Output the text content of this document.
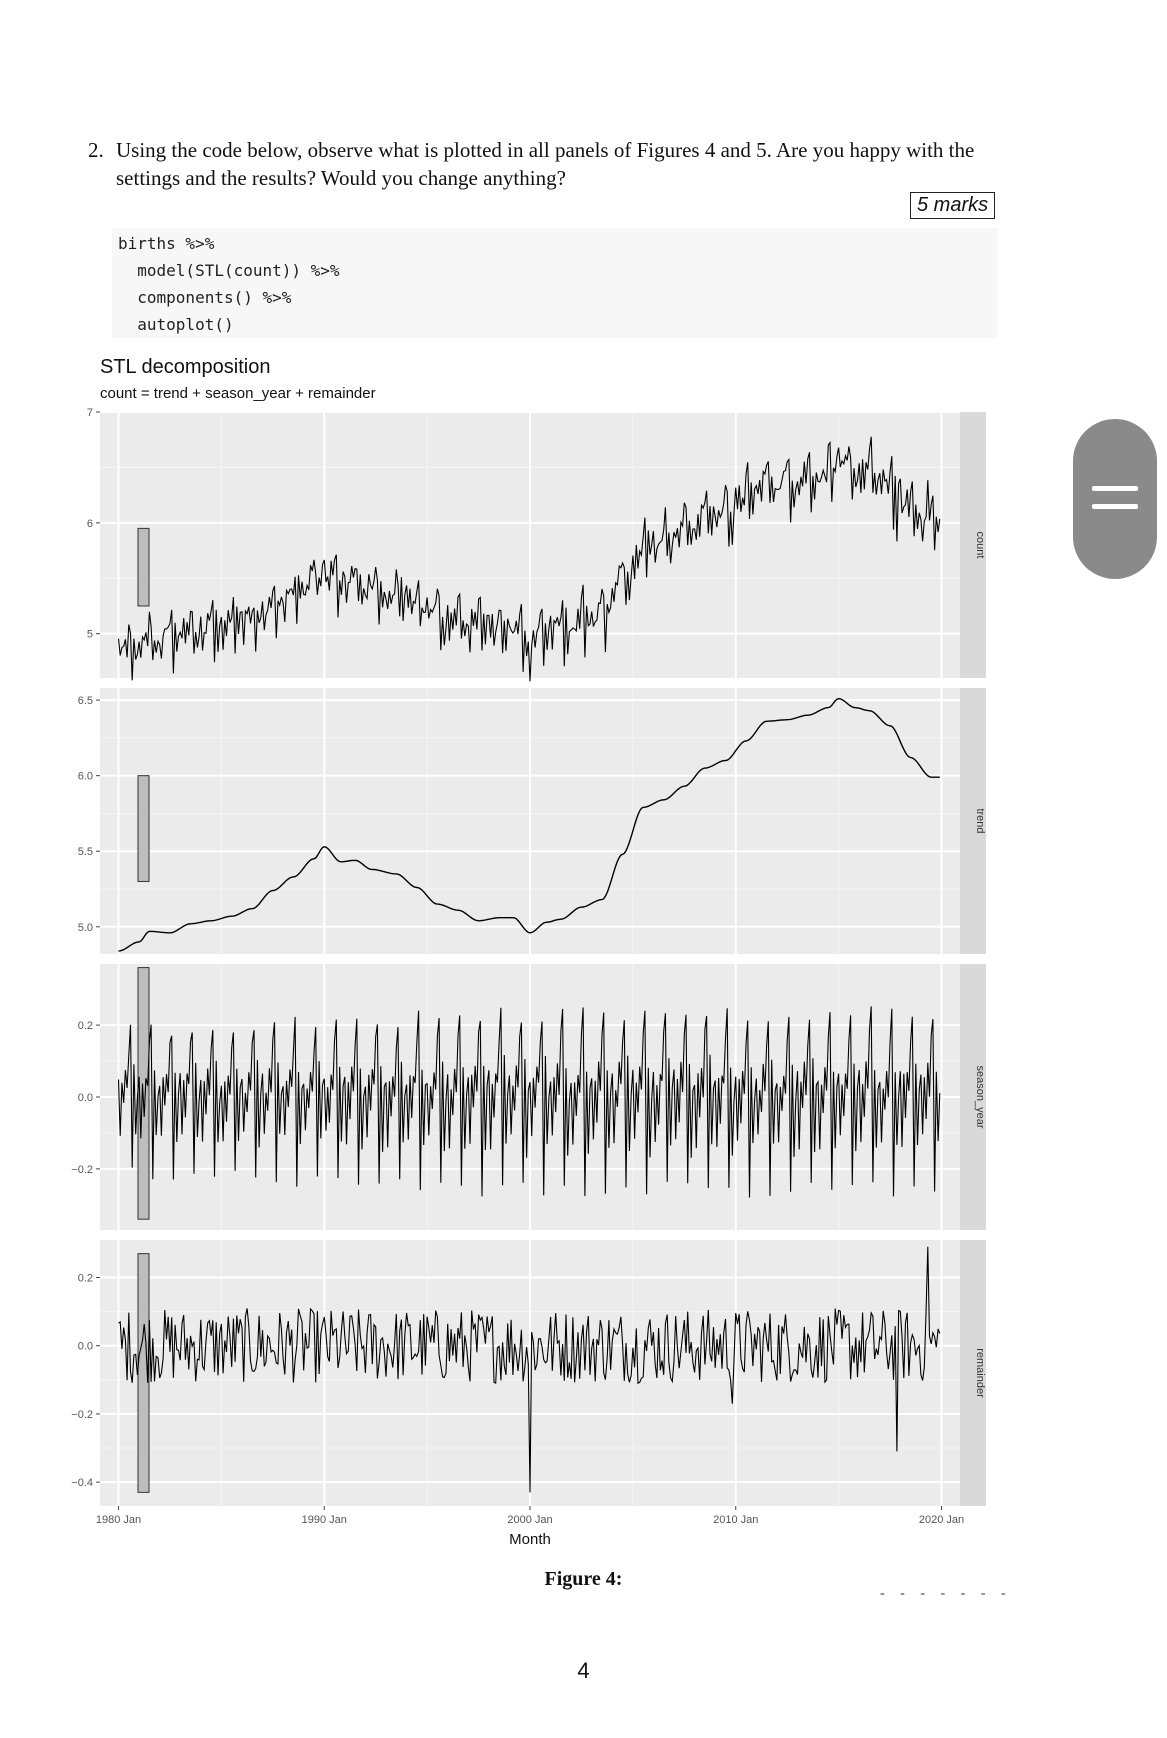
2. Using the code below, observe what is plotted in all panels of Figures 4 and 5. Are you happy with the settings and the results? Would you change anything?
5 marks
births %>%
model(STL(count)) %>%
components() %>%
autoplot()
STL decomposition
count = trend + season_year + remainder
5
6
7
count
5.0
5.5
6.0
6.5
trend
−0.2
0.0
0.2
season_year
−0.4
−0.2
0.0
0.2
remainder
1980 Jan	1990 Jan	2000 Jan	2010 Jan	2020 Jan
Month
Figure 4:
- - - - - - -
4
